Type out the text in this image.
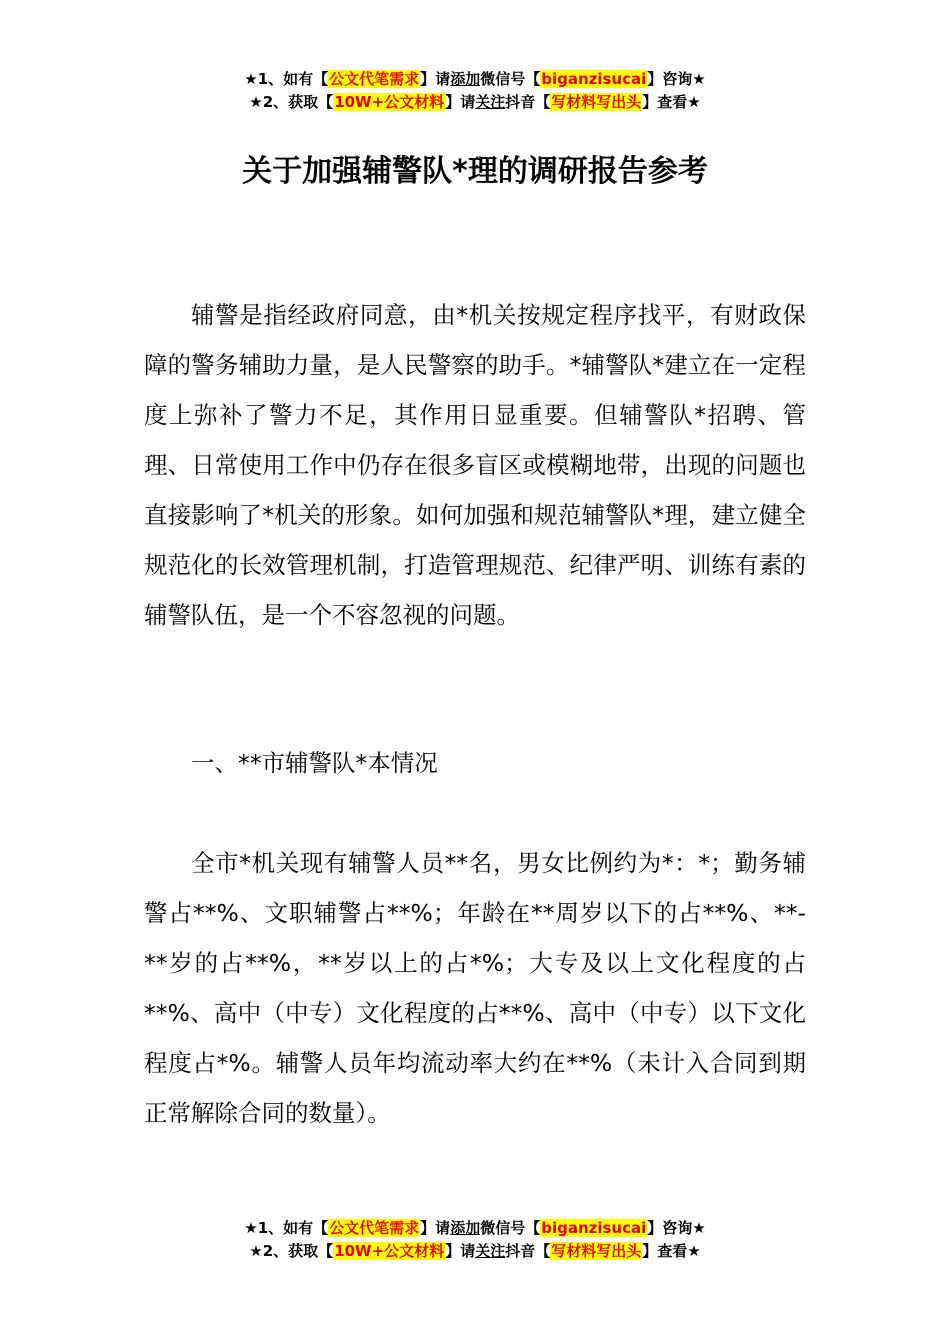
★1、如有【公文代笔需求】请添加微信号【biganzisucai】咨询★
★2、获取【10W+公文材料】请关注抖音【写材料写出头】查看★
关于加强辅警队*理的调研报告参考

辅警是指经政府同意，由*机关按规定程序找平，有财政保障的警务辅助力量，是人民警察的助手。*辅警队*建立在一定程度上弥补了警力不足，其作用日显重要。但辅警队*招聘、管理、日常使用工作中仍存在很多盲区或模糊地带，出现的问题也直接影响了*机关的形象。如何加强和规范辅警队*理，建立健全规范化的长效管理机制，打造管理规范、纪律严明、训练有素的辅警队伍，是一个不容忽视的问题。

一、**市辅警队*本情况

全市*机关现有辅警人员**名，男女比例约为*：*；勤务辅警占**%、文职辅警占**%；年龄在**周岁以下的占**%、**-**岁的占**%，**岁以上的占*%；大专及以上文化程度的占**%、高中（中专）文化程度的占**%、高中（中专）以下文化程度占*%。辅警人员年均流动率大约在**%（未计入合同到期正常解除合同的数量）。

★1、如有【公文代笔需求】请添加微信号【biganzisucai】咨询★
★2、获取【10W+公文材料】请关注抖音【写材料写出头】查看★
